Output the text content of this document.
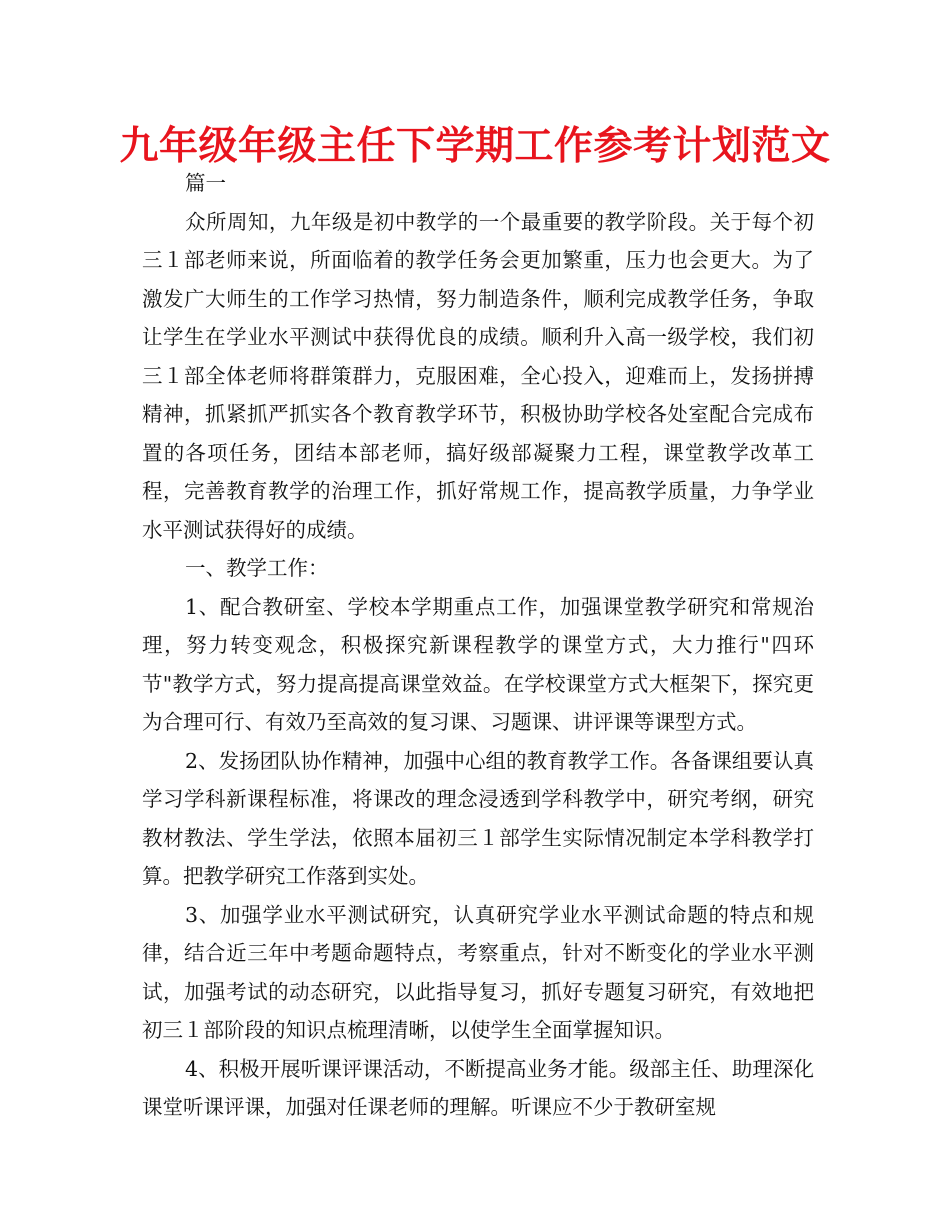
九年级年级主任下学期工作参考计划范文

篇一

众所周知，九年级是初中教学的一个最重要的教学阶段。关于每个初三１部老师来说，所面临着的教学任务会更加繁重，压力也会更大。为了激发广大师生的工作学习热情，努力制造条件，顺利完成教学任务，争取让学生在学业水平测试中获得优良的成绩。顺利升入高一级学校，我们初三１部全体老师将群策群力，克服困难，全心投入，迎难而上，发扬拼搏精神，抓紧抓严抓实各个教育教学环节，积极协助学校各处室配合完成布置的各项任务，团结本部老师，搞好级部凝聚力工程，课堂教学改革工程，完善教育教学的治理工作，抓好常规工作，提高教学质量，力争学业水平测试获得好的成绩。

一、教学工作：

1、配合教研室、学校本学期重点工作，加强课堂教学研究和常规治理，努力转变观念，积极探究新课程教学的课堂方式，大力推行"四环节"教学方式，努力提高提高课堂效益。在学校课堂方式大框架下，探究更为合理可行、有效乃至高效的复习课、习题课、讲评课等课型方式。

2、发扬团队协作精神，加强中心组的教育教学工作。各备课组要认真学习学科新课程标准，将课改的理念浸透到学科教学中，研究考纲，研究教材教法、学生学法，依照本届初三１部学生实际情况制定本学科教学打算。把教学研究工作落到实处。

3、加强学业水平测试研究，认真研究学业水平测试命题的特点和规律，结合近三年中考题命题特点，考察重点，针对不断变化的学业水平测试，加强考试的动态研究，以此指导复习，抓好专题复习研究，有效地把初三１部阶段的知识点梳理清晰，以使学生全面掌握知识。

4、积极开展听课评课活动，不断提高业务才能。级部主任、助理深化课堂听课评课，加强对任课老师的理解。听课应不少于教研室规
